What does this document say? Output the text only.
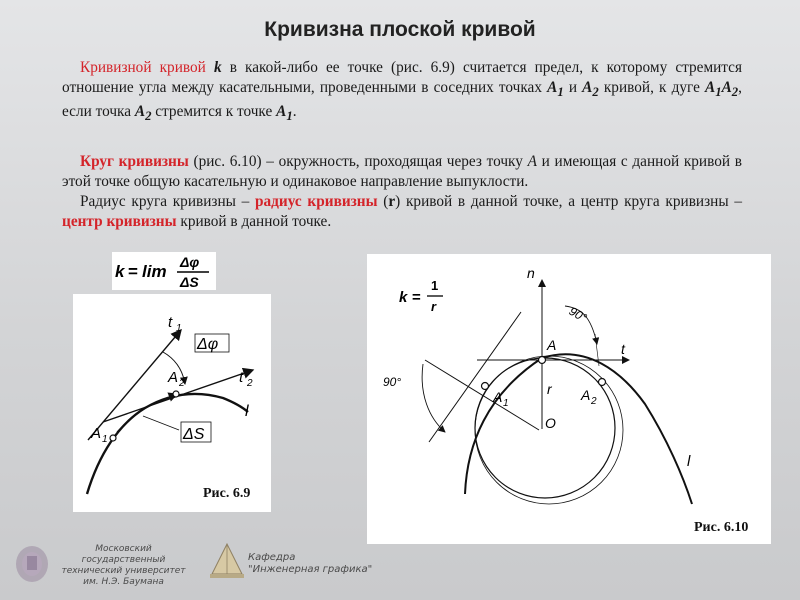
Кривизна плоской кривой
Кривизной кривой k в какой-либо ее точке (рис. 6.9) считается предел, к которому стремится отношение угла между касательными, проведенными в соседних точках $A_1$ и $A_2$ кривой, к дуге $A_1A_2$, если точка $A_2$ стремится к точке $A_1$.
Круг кривизны (рис. 6.10) – окружность, проходящая через точку A и имеющая с данной кривой в этой точке общую касательную и одинаковое направление выпуклости.
Радиус круга кривизны – радиус кривизны (r) кривой в данной точке, а центр круга кривизны – центр кривизны кривой в данной точке.
k = lim Δφ
ΔS
t 1
t 2
Δφ
A 2
A 1
l
ΔS
Рис. 6.9
k =
1
r
n
90°
A	t
90°
A 1
r
O
A 2
l
Рис. 6.10
Московский государственный
технический университет
им. Н.Э. Баумана
Кафедра
"Инженерная графика"
